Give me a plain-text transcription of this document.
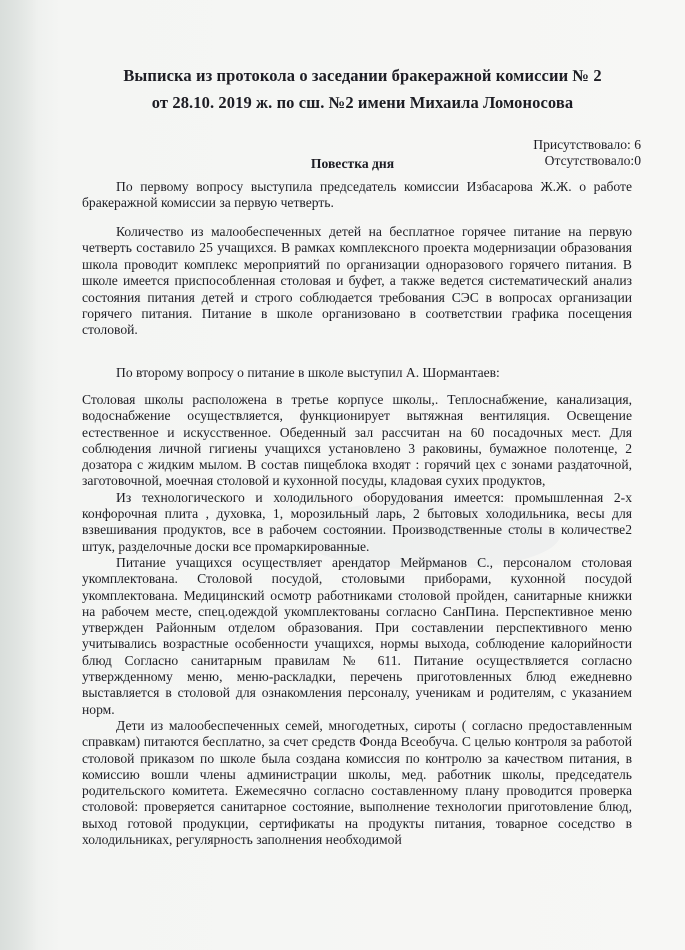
Выписка из протокола о заседании бракеражной комиссии № 2
от 28.10. 2019 ж. по сш. №2 имени Михаила Ломоносова
Присутствовало: 6
Отсутствовало:0
Повестка дня
По первому вопросу выступила председатель комиссии Избасарова Ж.Ж. о работе бракеражной комиссии за первую четверть.
Количество из малообеспеченных детей на бесплатное горячее питание на первую четверть составило 25 учащихся. В рамках комплексного проекта модернизации образования школа проводит комплекс мероприятий по организации одноразового горячего питания. В школе имеется приспособленная столовая и буфет, а также ведется систематический анализ состояния питания детей и строго соблюдается требования СЭС в вопросах организации горячего питания. Питание в школе организовано в соответствии графика посещения столовой.
По второму вопросу о питание в школе выступил А. Шормантаев:
Столовая школы расположена в третье корпусе школы,. Теплоснабжение, канализация, водоснабжение осуществляется, функционирует вытяжная вентиляция. Освещение естественное и искусственное. Обеденный зал рассчитан на 60 посадочных мест. Для соблюдения личной гигиены учащихся установлено 3 раковины, бумажное полотенце, 2 дозатора с жидким мылом. В состав пищеблока входят : горячий цех с зонами раздаточной, заготовочной, моечная столовой и кухонной посуды, кладовая сухих продуктов,
Из технологического и холодильного оборудования имеется: промышленная 2-х конфорочная плита , духовка, 1, морозильный ларь, 2 бытовых холодильника, весы для взвешивания продуктов, все в рабочем состоянии. Производственные столы в количестве2 штук, разделочные доски все промаркированные.
Питание учащихся осуществляет арендатор Мейрманов С., персоналом столовая укомплектована. Столовой посудой, столовыми приборами, кухонной посудой укомплектована. Медицинский осмотр работниками столовой пройден, санитарные книжки на рабочем месте, спец.одеждой укомплектованы согласно СанПина. Перспективное меню утвержден Районным отделом образования. При составлении перспективного меню учитывались возрастные особенности учащихся, нормы выхода, соблюдение калорийности блюд Согласно санитарным правилам № 611. Питание осуществляется согласно утвержденному меню, меню-раскладки, перечень приготовленных блюд ежедневно выставляется в столовой для ознакомления персоналу, ученикам и родителям, с указанием норм.
Дети из малообеспеченных семей, многодетных, сироты ( согласно предоставленным справкам) питаются бесплатно, за счет средств Фонда Всеобуча. С целью контроля за работой столовой приказом по школе была создана комиссия по контролю за качеством питания, в комиссию вошли члены администрации школы, мед. работник школы, председатель родительского комитета. Ежемесячно согласно составленному плану проводится проверка столовой: проверяется санитарное состояние, выполнение технологии приготовление блюд, выход готовой продукции, сертификаты на продукты питания, товарное соседство в холодильниках, регулярность заполнения необходимой
